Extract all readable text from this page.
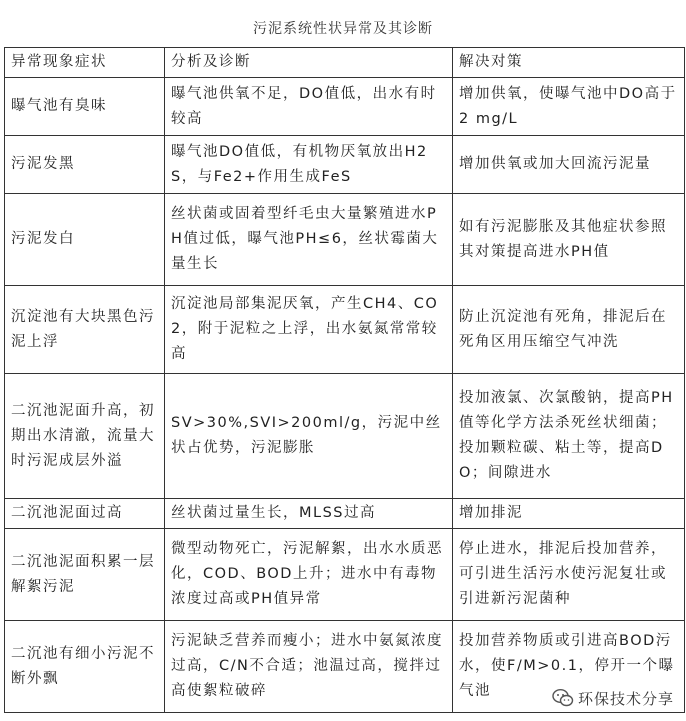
污泥系统性状异常及其诊断
异常现象症状	分析及诊断	解决对策
曝气池有臭味	曝气池供氧不足，DO值低，出水有时较高	增加供氧，使曝气池中DO高于2 mg/L
污泥发黑	曝气池DO值低，有机物厌氧放出H2S，与Fe2+作用生成FeS	增加供氧或加大回流污泥量
污泥发白	丝状菌或固着型纤毛虫大量繁殖进水PH值过低，曝气池PH≤6，丝状霉菌大量生长	如有污泥膨胀及其他症状参照其对策提高进水PH值
沉淀池有大块黑色污泥上浮	沉淀池局部集泥厌氧，产生CH4、CO2，附于泥粒之上浮，出水氨氮常常较高	防止沉淀池有死角，排泥后在死角区用压缩空气冲洗
二沉池泥面升高，初期出水清澈，流量大时污泥成层外溢	SV>30%,SVI>200ml/g，污泥中丝状占优势，污泥膨胀	投加液氯、次氯酸钠，提高PH值等化学方法杀死丝状细菌；投加颗粒碳、粘土等，提高DO；间隙进水
二沉池泥面过高	丝状菌过量生长，MLSS过高	增加排泥
二沉池泥面积累一层解絮污泥	微型动物死亡，污泥解絮，出水水质恶化，COD、BOD上升；进水中有毒物浓度过高或PH值异常	停止进水，排泥后投加营养，可引进生活污水使污泥复壮或引进新污泥菌种
二沉池有细小污泥不断外飘	污泥缺乏营养而瘦小；进水中氨氮浓度过高，C/N不合适；池温过高，搅拌过高使絮粒破碎	投加营养物质或引进高BOD污水，使F/M>0.1，停开一个曝气池	环保技术分享
